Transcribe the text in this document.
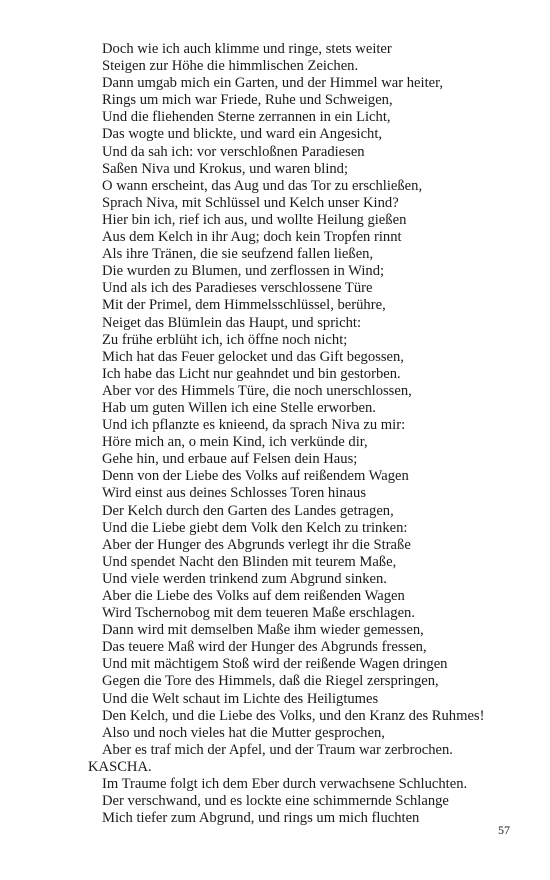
Doch wie ich auch klimme und ringe, stets weiter
Steigen zur Höhe die himmlischen Zeichen.
Dann umgab mich ein Garten, und der Himmel war heiter,
Rings um mich war Friede, Ruhe und Schweigen,
Und die fliehenden Sterne zerrannen in ein Licht,
Das wogte und blickte, und ward ein Angesicht,
Und da sah ich: vor verschloßnen Paradiesen
Saßen Niva und Krokus, und waren blind;
O wann erscheint, das Aug und das Tor zu erschließen,
Sprach Niva, mit Schlüssel und Kelch unser Kind?
Hier bin ich, rief ich aus, und wollte Heilung gießen
Aus dem Kelch in ihr Aug; doch kein Tropfen rinnt
Als ihre Tränen, die sie seufzend fallen ließen,
Die wurden zu Blumen, und zerflossen in Wind;
Und als ich des Paradieses verschlossene Türe
Mit der Primel, dem Himmelsschlüssel, berühre,
Neiget das Blümlein das Haupt, und spricht:
Zu frühe erblüht ich, ich öffne noch nicht;
Mich hat das Feuer gelocket und das Gift begossen,
Ich habe das Licht nur geahndet und bin gestorben.
Aber vor des Himmels Türe, die noch unerschlossen,
Hab um guten Willen ich eine Stelle erworben.
Und ich pflanzte es knieend, da sprach Niva zu mir:
Höre mich an, o mein Kind, ich verkünde dir,
Gehe hin, und erbaue auf Felsen dein Haus;
Denn von der Liebe des Volks auf reißendem Wagen
Wird einst aus deines Schlosses Toren hinaus
Der Kelch durch den Garten des Landes getragen,
Und die Liebe giebt dem Volk den Kelch zu trinken:
Aber der Hunger des Abgrunds verlegt ihr die Straße
Und spendet Nacht den Blinden mit teurem Maße,
Und viele werden trinkend zum Abgrund sinken.
Aber die Liebe des Volks auf dem reißenden Wagen
Wird Tschernobog mit dem teueren Maße erschlagen.
Dann wird mit demselben Maße ihm wieder gemessen,
Das teuere Maß wird der Hunger des Abgrunds fressen,
Und mit mächtigem Stoß wird der reißende Wagen dringen
Gegen die Tore des Himmels, daß die Riegel zerspringen,
Und die Welt schaut im Lichte des Heiligtumes
Den Kelch, und die Liebe des Volks, und den Kranz des Ruhmes!
Also und noch vieles hat die Mutter gesprochen,
Aber es traf mich der Apfel, und der Traum war zerbrochen.
KASCHA.
Im Traume folgt ich dem Eber durch verwachsene Schluchten.
Der verschwand, und es lockte eine schimmernde Schlange
Mich tiefer zum Abgrund, und rings um mich fluchten
57
